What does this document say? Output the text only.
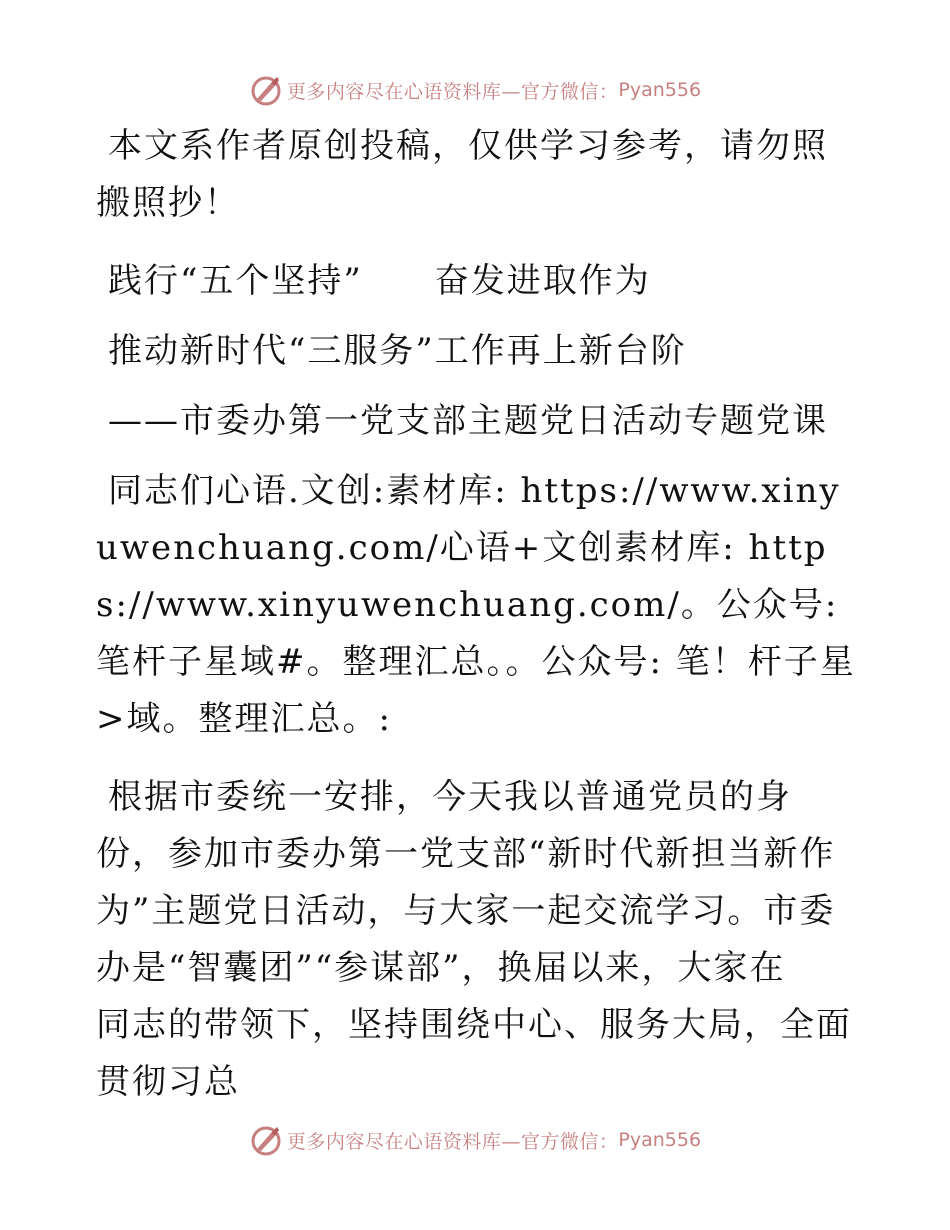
更多内容尽在心语资料库—官方微信： Pyan556

本文系作者原创投稿，仅供学习参考，请勿照搬照抄！

践行“五个坚持” 奋发进取作为

推动新时代“三服务”工作再上新台阶

——市委办第一党支部主题党日活动专题党课

同志们心语.文创:素材库: https://www.xinyuwenchuang.com/心语+文创素材库: https://www.xinyuwenchuang.com/。公众号: 笔杆子星域#。整理汇总。。公众号: 笔！杆子星>域。整理汇总。:

根据市委统一安排，今天我以普通党员的身份，参加市委办第一党支部“新时代新担当新作为”主题党日活动，与大家一起交流学习。市委办是“智囊团”“参谋部”，换届以来，大家在同志的带领下，坚持围绕中心、服务大局，全面贯彻习总

更多内容尽在心语资料库—官方微信： Pyan556
